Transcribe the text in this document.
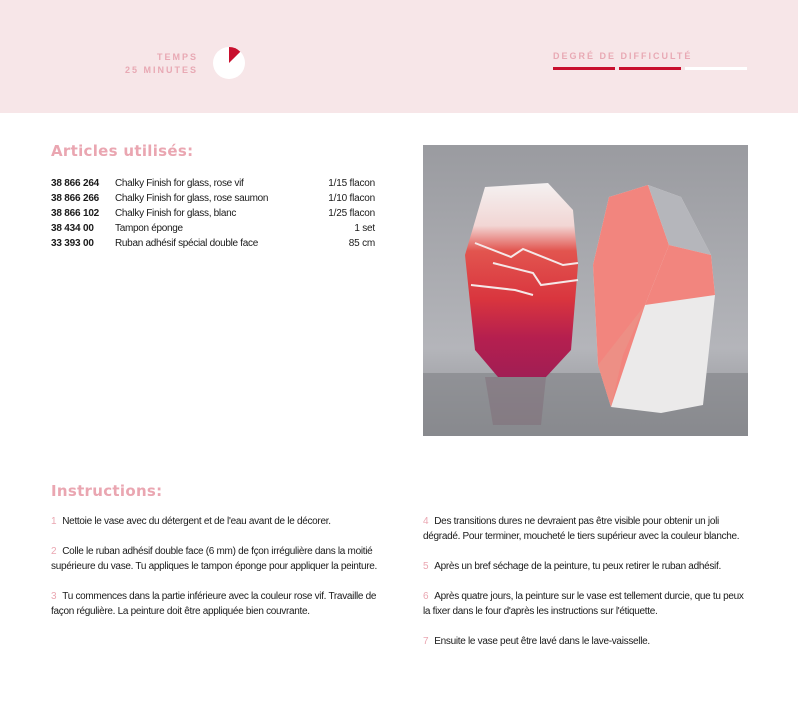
TEMPS
25 MINUTES
DEGRÉ DE DIFFICULTÉ
Articles utilisés:
38 866 264 Chalky Finish for glass, rose vif	1/15 flacon
38 866 266 Chalky Finish for glass, rose saumon	1/10 flacon
38 866 102 Chalky Finish for glass, blanc	1/25 flacon
38 434 00 Tampon éponge	1 set
33 393 00 Ruban adhésif spécial double face	85 cm
Instructions:
1 Nettoie le vase avec du détergent et de l'eau avant de le décorer.
2 Colle le ruban adhésif double face (6 mm) de fçon irrégulière dans la moitié supérieure du vase. Tu appliques le tampon éponge pour appliquer la peinture.
3 Tu commences dans la partie inférieure avec la couleur rose vif. Travaille de façon régulière. La peinture doit être appliquée bien couvrante.
4 Des transitions dures ne devraient pas être visible pour obtenir un joli dégradé. Pour terminer, moucheté le tiers supérieur avec la couleur blanche.
5 Après un bref séchage de la peinture, tu peux retirer le ruban adhésif.
6 Après quatre jours, la peinture sur le vase est tellement durcie, que tu peux la fixer dans le four d'après les instructions sur l'étiquette.
7 Ensuite le vase peut être lavé dans le lave-vaisselle.
